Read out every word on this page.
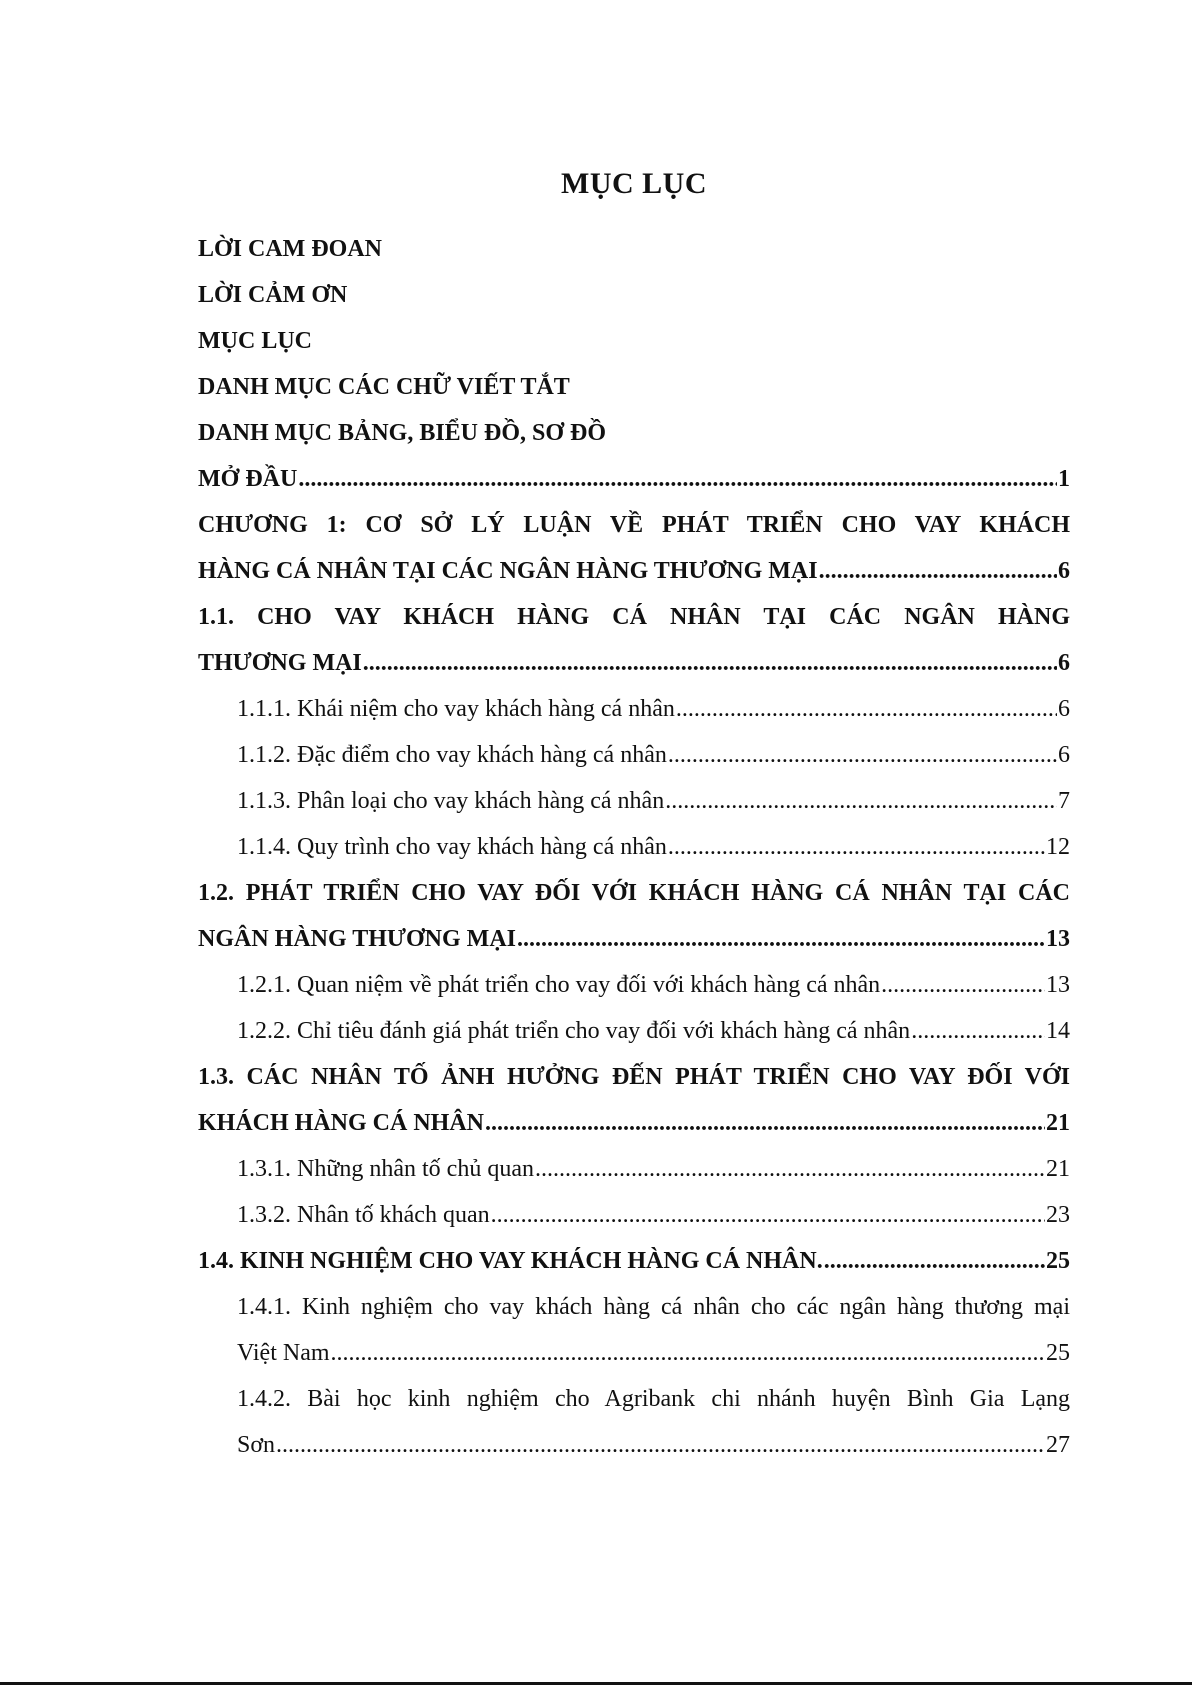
MỤC LỤC
LỜI CAM ĐOAN
LỜI CẢM ƠN
MỤC LỤC
DANH MỤC CÁC CHỮ VIẾT TẮT
DANH MỤC BẢNG, BIỂU ĐỒ, SƠ ĐỒ
MỞ ĐẦU .....	1
CHƯƠNG 1: CƠ SỞ LÝ LUẬN VỀ PHÁT TRIỂN CHO VAY KHÁCH
HÀNG CÁ NHÂN TẠI CÁC NGÂN HÀNG THƯƠNG MẠI .....	6
1.1. CHO VAY KHÁCH HÀNG CÁ NHÂN TẠI CÁC NGÂN HÀNG
THƯƠNG MẠI .....	6
1.1.1. Khái niệm cho vay khách hàng cá nhân .....	6
1.1.2. Đặc điểm cho vay khách hàng cá nhân .....	6
1.1.3. Phân loại cho vay khách hàng cá nhân .....	7
1.1.4. Quy trình cho vay khách hàng cá nhân .....	12
1.2. PHÁT TRIỂN CHO VAY ĐỐI VỚI KHÁCH HÀNG CÁ NHÂN TẠI CÁC
NGÂN HÀNG THƯƠNG MẠI .....	13
1.2.1. Quan niệm về phát triển cho vay đối với khách hàng cá nhân .....	13
1.2.2. Chỉ tiêu đánh giá phát triển cho vay đối với khách hàng cá nhân .....	14
1.3. CÁC NHÂN TỐ ẢNH HƯỞNG ĐẾN PHÁT TRIỂN CHO VAY ĐỐI VỚI
KHÁCH HÀNG CÁ NHÂN .....	21
1.3.1. Những nhân tố chủ quan .....	21
1.3.2. Nhân tố khách quan .....	23
1.4. KINH NGHIỆM CHO VAY KHÁCH HÀNG CÁ NHÂN. .....	25
1.4.1. Kinh nghiệm cho vay khách hàng cá nhân cho các ngân hàng thương mại
Việt Nam .....	25
1.4.2. Bài học kinh nghiệm cho Agribank chi nhánh huyện Bình Gia Lạng
Sơn .....	27
